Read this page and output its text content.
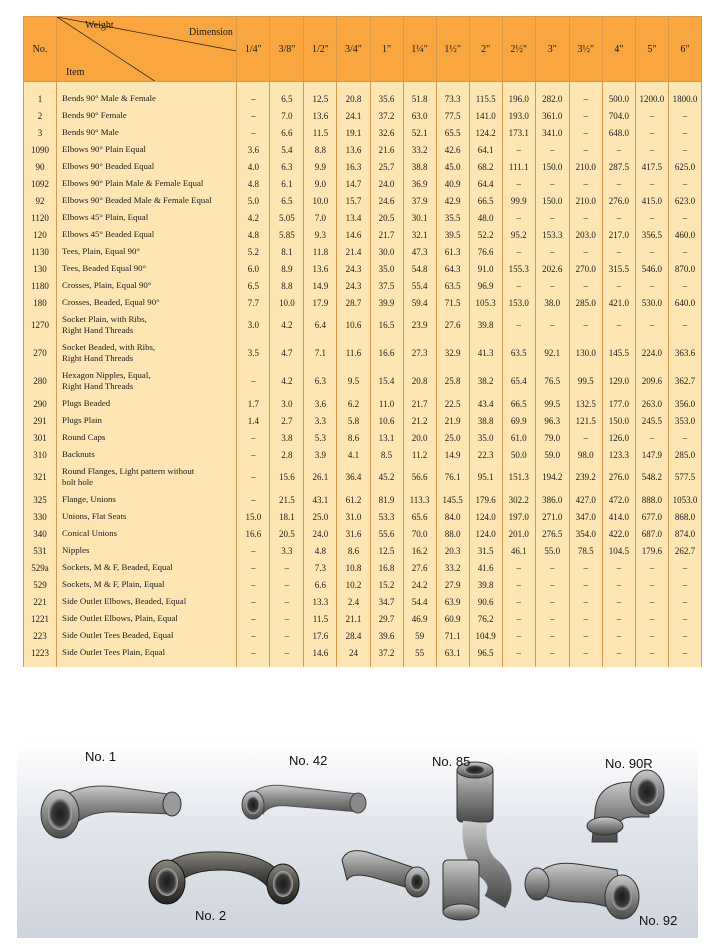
No.	Weight
Dimension
Item	1/4"	3/8"	1/2"	3/4"	1"	1¼"	1½"	2"	2½"	3"	3½"	4"	5"	6"
1	Bends 90° Male & Female	–	6.5	12.5	20.8	35.6	51.8	73.3	115.5	196.0	282.0	–	500.0	1200.0	1800.0
2	Bends 90° Female	–	7.0	13.6	24.1	37.2	63.0	77.5	141.0	193.0	361.0	–	704.0	–	–
3	Bends 90° Male	–	6.6	11.5	19.1	32.6	52.1	65.5	124.2	173.1	341.0	–	648.0	–	–
1090	Elbows 90° Plain Equal	3.6	5.4	8.8	13.6	21.6	33.2	42.6	64.1	–	–	–	–	–	–
90	Elbows 90° Beaded Equal	4.0	6.3	9.9	16.3	25.7	38.8	45.0	68.2	111.1	150.0	210.0	287.5	417.5	625.0
1092	Elbows 90° Plain Male & Female Equal	4.8	6.1	9.0	14.7	24.0	36.9	40.9	64.4	–	–	–	–	–	–
92	Elbows 90° Beaded Male & Female Equal	5.0	6.5	10.0	15.7	24.6	37.9	42.9	66.5	99.9	150.0	210.0	276.0	415.0	623.0
1120	Elbows 45° Plain, Equal	4.2	5.05	7.0	13.4	20.5	30.1	35.5	48.0	–	–	–	–	–	–
120	Elbows 45° Beaded Equal	4.8	5.85	9.3	14.6	21.7	32.1	39.5	52.2	95.2	153.3	203.0	217.0	356.5	460.0
1130	Tees, Plain, Equal 90°	5.2	8.1	11.8	21.4	30.0	47.3	61.3	76.6	–	–	–	–	–	–
130	Tees, Beaded Equal 90°	6.0	8.9	13.6	24.3	35.0	54.8	64.3	91.0	155.3	202.6	270.0	315.5	546.0	870.0
1180	Crosses, Plain, Equal 90°	6.5	8.8	14.9	24.3	37.5	55.4	63.5	96.9	–	–	–	–	–	–
180	Crosses, Beaded, Equal 90°	7.7	10.0	17.9	28.7	39.9	59.4	71.5	105.3	153.0	38.0	285.0	421.0	530.0	640.0
1270	Socket Plain, with Ribs,
Right Hand Threads	3.0	4.2	6.4	10.6	16.5	23.9	27.6	39.8	–	–	–	–	–	–
270	Socket Beaded, with Ribs,
Right Hand Threads	3.5	4.7	7.1	11.6	16.6	27.3	32.9	41.3	63.5	92.1	130.0	145.5	224.0	363.6
280	Hexagon Nipples, Equal,
Right Hand Threads	–	4.2	6.3	9.5	15.4	20.8	25.8	38.2	65.4	76.5	99.5	129.0	209.6	362.7
290	Plugs Beaded	1.7	3.0	3.6	6.2	11.0	21.7	22.5	43.4	66.5	99.5	132.5	177.0	263.0	356.0
291	Plugs Plain	1.4	2.7	3.3	5.8	10.6	21.2	21.9	38.8	69.9	96.3	121.5	150.0	245.5	353.0
301	Round Caps	–	3.8	5.3	8.6	13.1	20.0	25.0	35.0	61.0	79.0	–	126.0	–	–
310	Backnuts	–	2.8	3.9	4.1	8.5	11.2	14.9	22.3	50.0	59.0	98.0	123.3	147.9	285.0
321	Round Flanges, Light pattern without
bolt hole	–	15.6	26.1	36.4	45.2	56.6	76.1	95.1	151.3	194.2	239.2	276.0	548.2	577.5
325	Flange, Unions	–	21.5	43.1	61.2	81.9	113.3	145.5	179.6	302.2	386.0	427.0	472.0	888.0	1053.0
330	Unions, Flat Seats	15.0	18.1	25.0	31.0	53.3	65.6	84.0	124.0	197.0	271.0	347.0	414.0	677.0	868.0
340	Conical Unions	16.6	20.5	24.0	31.6	55.6	70.0	88.0	124.0	201.0	276.5	354.0	422.0	687.0	874.0
531	Nipples	–	3.3	4.8	8.6	12.5	16.2	20.3	31.5	46.1	55.0	78.5	104.5	179.6	262.7
529a	Sockets, M & F, Beaded, Equal	–	–	7.3	10.8	16.8	27.6	33.2	41.6	–	–	–	–	–	–
529	Sockets, M & F, Plain, Equal	–	–	6.6	10.2	15.2	24.2	27.9	39.8	–	–	–	–	–	–
221	Side Outlet Elbows, Beaded, Equal	–	–	13.3	2.4	34.7	54.4	63.9	90.6	–	–	–	–	–	–
1221	Side Outlet Elbows, Plain, Equal	–	–	11.5	21.1	29.7	46.9	60.9	76.2	–	–	–	–	–	–
223	Side Outlet Tees Beaded, Equal	–	–	17.6	28.4	39.6	59	71.1	104.9	–	–	–	–	–	–
1223	Side Outlet Tees Plain, Equal	–	–	14.6	24	37.2	55	63.1	96.5	–	–	–	–	–	–
No. 1	No. 42	No. 85	No. 90R
No. 2	No. 92
